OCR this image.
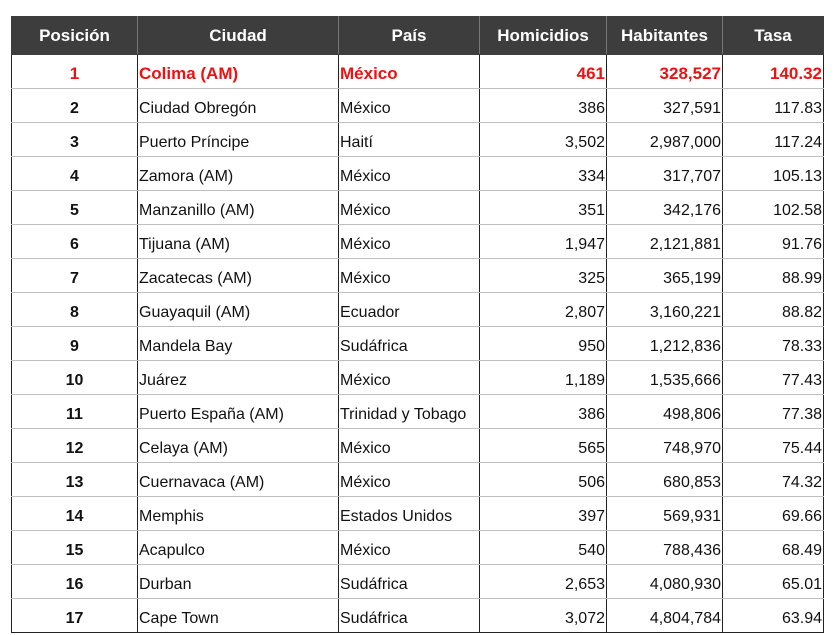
Posición	Ciudad	País	Homicidios	Habitantes	Tasa
1	Colima (AM)	México	461	328,527	140.32
2	Ciudad Obregón	México	386	327,591	117.83
3	Puerto Príncipe	Haití	3,502	2,987,000	117.24
4	Zamora (AM)	México	334	317,707	105.13
5	Manzanillo (AM)	México	351	342,176	102.58
6	Tijuana (AM)	México	1,947	2,121,881	91.76
7	Zacatecas (AM)	México	325	365,199	88.99
8	Guayaquil (AM)	Ecuador	2,807	3,160,221	88.82
9	Mandela Bay	Sudáfrica	950	1,212,836	78.33
10	Juárez	México	1,189	1,535,666	77.43
11	Puerto España (AM)	Trinidad y Tobago	386	498,806	77.38
12	Celaya (AM)	México	565	748,970	75.44
13	Cuernavaca (AM)	México	506	680,853	74.32
14	Memphis	Estados Unidos	397	569,931	69.66
15	Acapulco	México	540	788,436	68.49
16	Durban	Sudáfrica	2,653	4,080,930	65.01
17	Cape Town	Sudáfrica	3,072	4,804,784	63.94
